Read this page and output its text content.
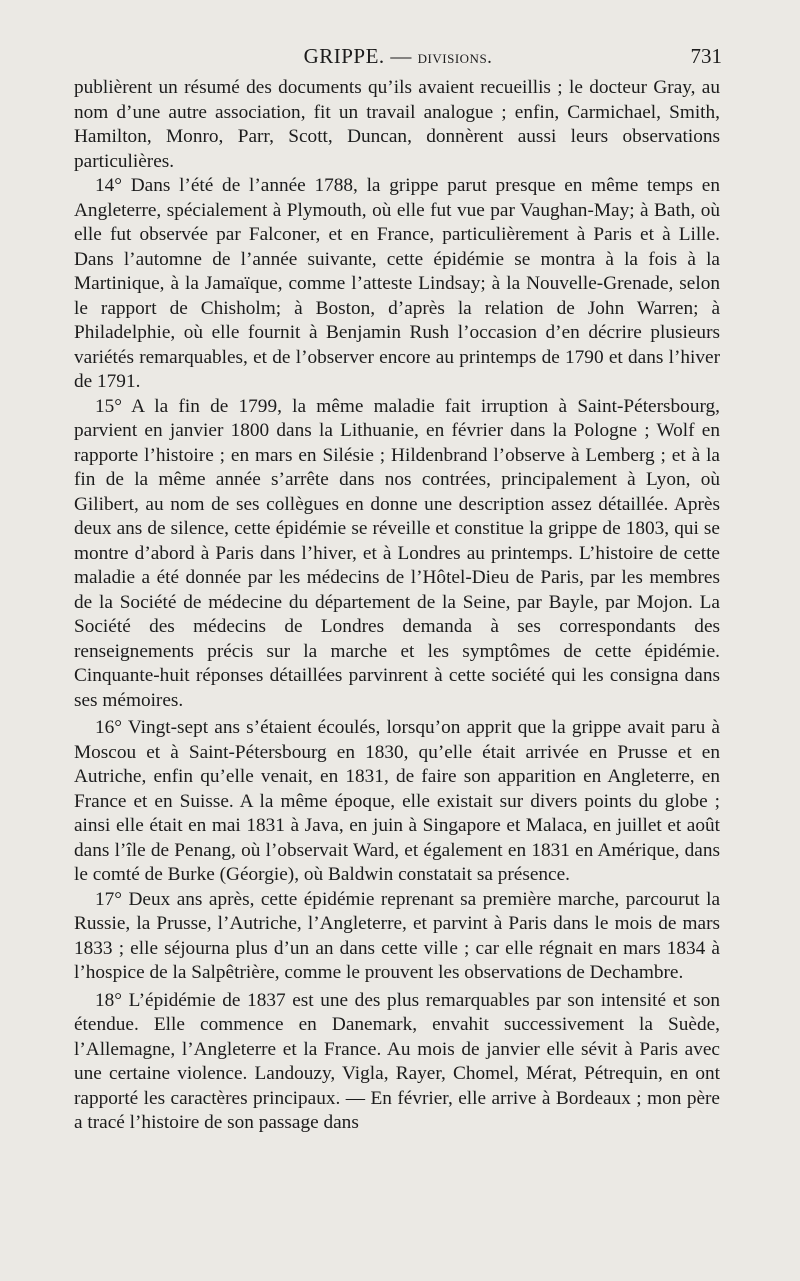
GRIPPE. — divisions.	731

publièrent un résumé des documents qu’ils avaient recueillis ; le docteur Gray, au nom d’une autre association, fit un travail analogue ; enfin, Carmichael, Smith, Hamilton, Monro, Parr, Scott, Duncan, donnèrent aussi leurs observations particulières.

14° Dans l’été de l’année 1788, la grippe parut presque en même temps en Angleterre, spécialement à Plymouth, où elle fut vue par Vaughan-May; à Bath, où elle fut observée par Falconer, et en France, particulièrement à Paris et à Lille. Dans l’automne de l’année suivante, cette épidémie se montra à la fois à la Martinique, à la Jamaïque, comme l’atteste Lindsay; à la Nouvelle-Grenade, selon le rapport de Chisholm; à Boston, d’après la relation de John Warren; à Philadelphie, où elle fournit à Benjamin Rush l’occasion d’en décrire plusieurs variétés remarquables, et de l’observer encore au printemps de 1790 et dans l’hiver de 1791.

15° A la fin de 1799, la même maladie fait irruption à Saint-Pétersbourg, parvient en janvier 1800 dans la Lithuanie, en février dans la Pologne ; Wolf en rapporte l’histoire ; en mars en Silésie ; Hildenbrand l’observe à Lemberg ; et à la fin de la même année s’arrête dans nos contrées, principalement à Lyon, où Gilibert, au nom de ses collègues en donne une description assez détaillée. Après deux ans de silence, cette épidémie se réveille et constitue la grippe de 1803, qui se montre d’abord à Paris dans l’hiver, et à Londres au printemps. L’histoire de cette maladie a été donnée par les médecins de l’Hôtel-Dieu de Paris, par les membres de la Société de médecine du département de la Seine, par Bayle, par Mojon. La Société des médecins de Londres demanda à ses correspondants des renseignements précis sur la marche et les symptômes de cette épidémie. Cinquante-huit réponses détaillées parvinrent à cette société qui les consigna dans ses mémoires.

16° Vingt-sept ans s’étaient écoulés, lorsqu’on apprit que la grippe avait paru à Moscou et à Saint-Pétersbourg en 1830, qu’elle était arrivée en Prusse et en Autriche, enfin qu’elle venait, en 1831, de faire son apparition en Angleterre, en France et en Suisse. A la même époque, elle existait sur divers points du globe ; ainsi elle était en mai 1831 à Java, en juin à Singapore et Malaca, en juillet et août dans l’île de Penang, où l’observait Ward, et également en 1831 en Amérique, dans le comté de Burke (Géorgie), où Baldwin constatait sa présence.

17° Deux ans après, cette épidémie reprenant sa première marche, parcourut la Russie, la Prusse, l’Autriche, l’Angleterre, et parvint à Paris dans le mois de mars 1833 ; elle séjourna plus d’un an dans cette ville ; car elle régnait en mars 1834 à l’hospice de la Salpêtrière, comme le prouvent les observations de Dechambre.

18° L’épidémie de 1837 est une des plus remarquables par son intensité et son étendue. Elle commence en Danemark, envahit successivement la Suède, l’Allemagne, l’Angleterre et la France. Au mois de janvier elle sévit à Paris avec une certaine violence. Landouzy, Vigla, Rayer, Chomel, Mérat, Pétrequin, en ont rapporté les caractères principaux. — En février, elle arrive à Bordeaux ; mon père a tracé l’histoire de son passage dans
